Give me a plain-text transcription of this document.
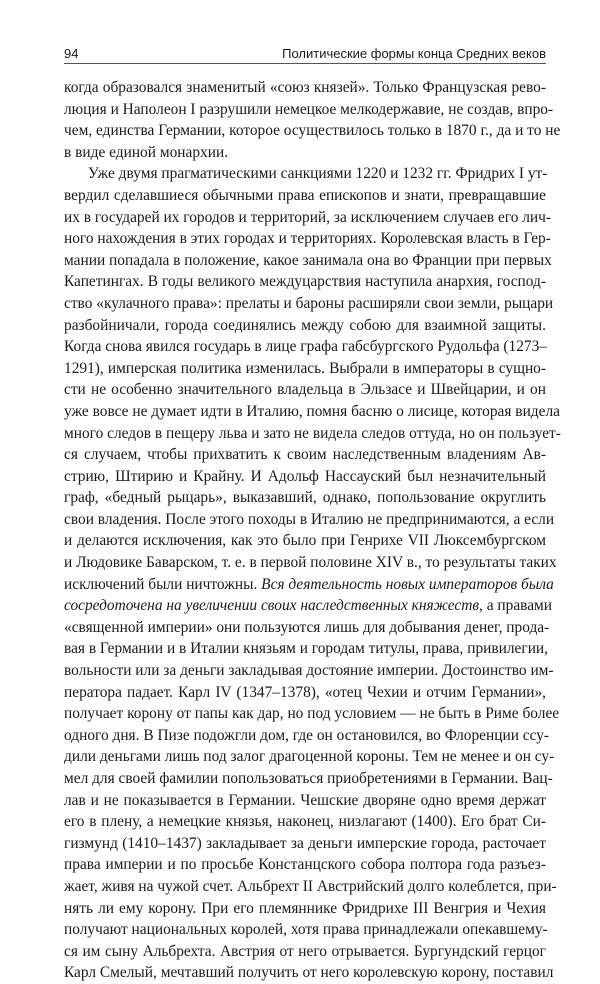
94	Политические формы конца Средних веков
когда образовался знаменитый «союз князей». Только Французская рево-
люция и Наполеон I разрушили немецкое мелкодержавие, не создав, впро-
чем, единства Германии, которое осуществилось только в 1870 г., да и то не
в виде единой монархии.
Уже двумя прагматическими санкциями 1220 и 1232 гг. Фридрих I ут-
вердил сделавшиеся обычными права епископов и знати, превращавшие
их в государей их городов и территорий, за исключением случаев его лич-
ного нахождения в этих городах и территориях. Королевская власть в Гер-
мании попадала в положение, какое занимала она во Франции при первых
Капетингах. В годы великого междуцарствия наступила анархия, господ-
ство «кулачного права»: прелаты и бароны расширяли свои земли, рыцари
разбойничали, города соединялись между собою для взаимной защиты.
Когда снова явился государь в лице графа габсбургского Рудольфа (1273–
1291), имперская политика изменилась. Выбрали в императоры в сущно-
сти не особенно значительного владельца в Эльзасе и Швейцарии, и он
уже вовсе не думает идти в Италию, помня басню о лисице, которая видела
много следов в пещеру льва и зато не видела следов оттуда, но он пользует-
ся случаем, чтобы прихватить к своим наследственным владениям Ав-
стрию, Штирию и Крайну. И Адольф Нассауский был незначительный
граф, «бедный рыцарь», выказавший, однако, попользование округлить
свои владения. После этого походы в Италию не предпринимаются, а если
и делаются исключения, как это было при Генрихе VII Люксембургском
и Людовике Баварском, т. е. в первой половине XIV в., то результаты таких
исключений были ничтожны. Вся деятельность новых императоров была
сосредоточена на увеличении своих наследственных княжеств, а правами
«священной империи» они пользуются лишь для добывания денег, прода-
вая в Германии и в Италии князьям и городам титулы, права, привилегии,
вольности или за деньги закладывая достояние империи. Достоинство им-
ператора падает. Карл IV (1347–1378), «отец Чехии и отчим Германии»,
получает корону от папы как дар, но под условием — не быть в Риме более
одного дня. В Пизе подожгли дом, где он остановился, во Флоренции ссу-
дили деньгами лишь под залог драгоценной короны. Тем не менее и он су-
мел для своей фамилии попользоваться приобретениями в Германии. Вац-
лав и не показывается в Германии. Чешские дворяне одно время держат
его в плену, а немецкие князья, наконец, низлагают (1400). Его брат Си-
гизмунд (1410–1437) закладывает за деньги имперские города, расточает
права империи и по просьбе Констанцского собора полтора года разъез-
жает, живя на чужой счет. Альбрехт II Австрийский долго колеблется, при-
нять ли ему корону. При его племяннике Фридрихе III Венгрия и Чехия
получают национальных королей, хотя права принадлежали опекавшему-
ся им сыну Альбрехта. Австрия от него отрывается. Бургундский герцог
Карл Смелый, мечтавший получить от него королевскую корону, поставил
